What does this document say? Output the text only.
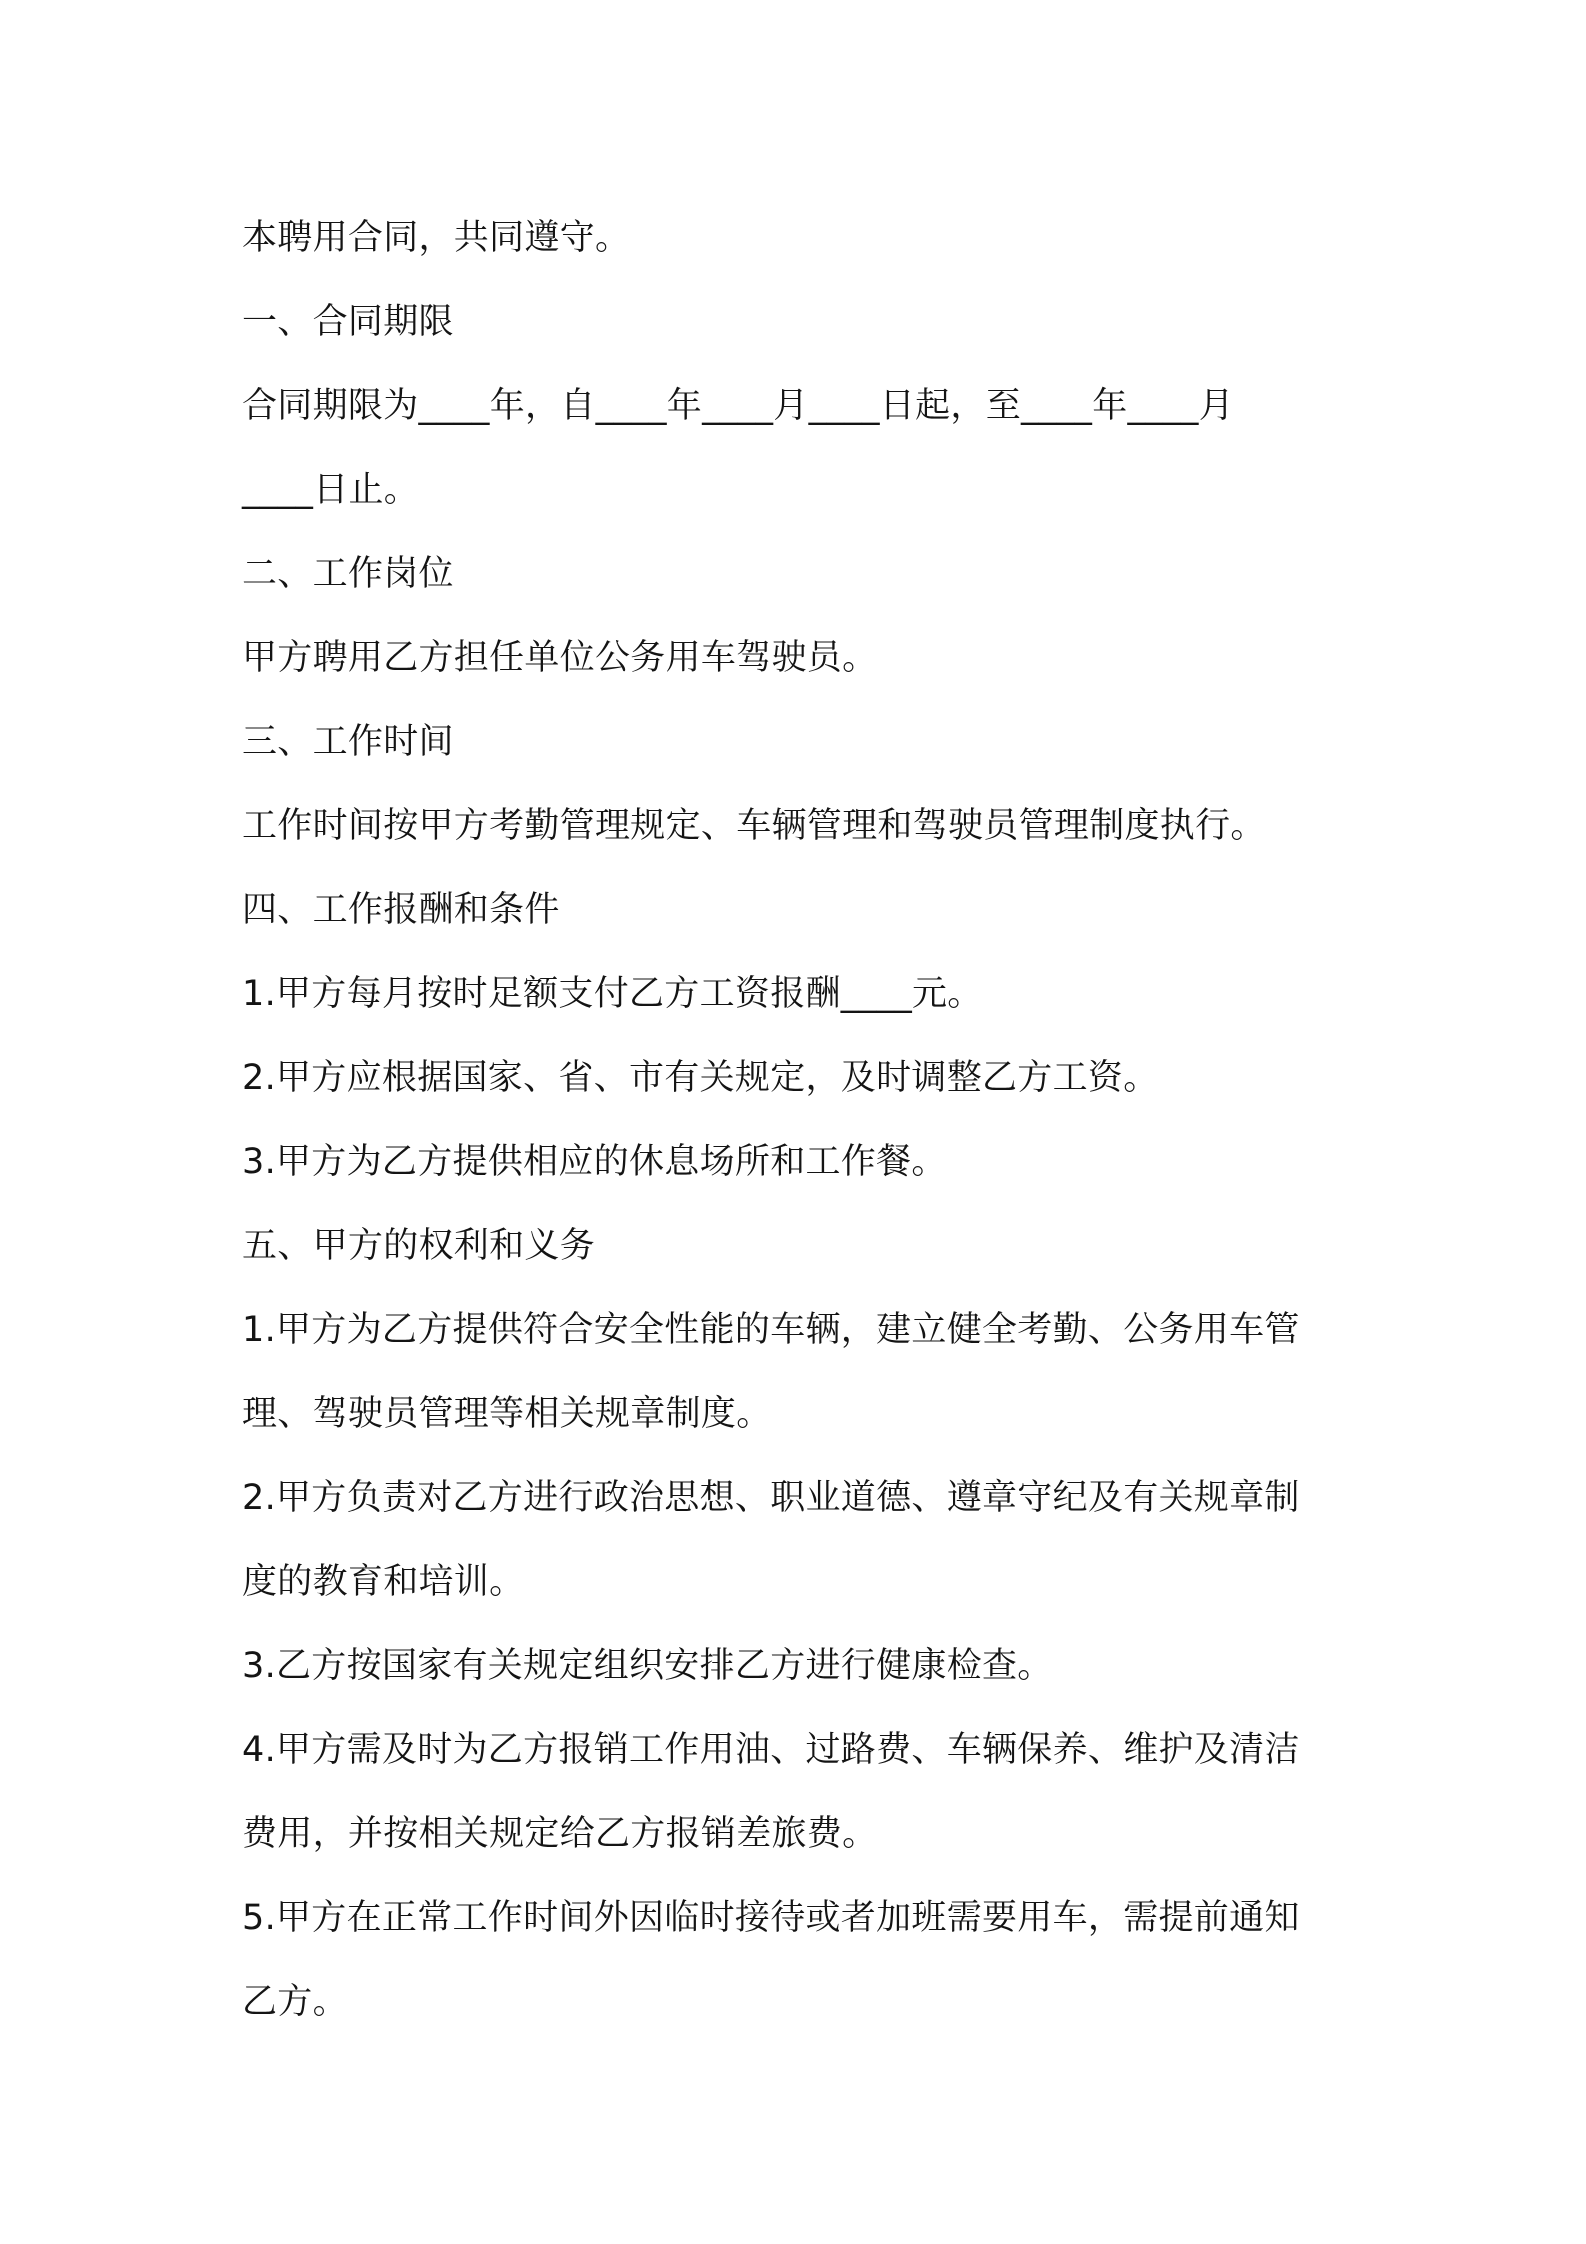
本聘用合同，共同遵守。
一、合同期限
合同期限为____年，自____年____月____日起，至____年____月
____日止。
二、工作岗位
甲方聘用乙方担任单位公务用车驾驶员。
三、工作时间
工作时间按甲方考勤管理规定、车辆管理和驾驶员管理制度执行。
四、工作报酬和条件
1.甲方每月按时足额支付乙方工资报酬____元。
2.甲方应根据国家、省、市有关规定，及时调整乙方工资。
3.甲方为乙方提供相应的休息场所和工作餐。
五、甲方的权利和义务
1.甲方为乙方提供符合安全性能的车辆，建立健全考勤、公务用车管
理、驾驶员管理等相关规章制度。
2.甲方负责对乙方进行政治思想、职业道德、遵章守纪及有关规章制
度的教育和培训。
3.乙方按国家有关规定组织安排乙方进行健康检查。
4.甲方需及时为乙方报销工作用油、过路费、车辆保养、维护及清洁
费用，并按相关规定给乙方报销差旅费。
5.甲方在正常工作时间外因临时接待或者加班需要用车，需提前通知
乙方。
